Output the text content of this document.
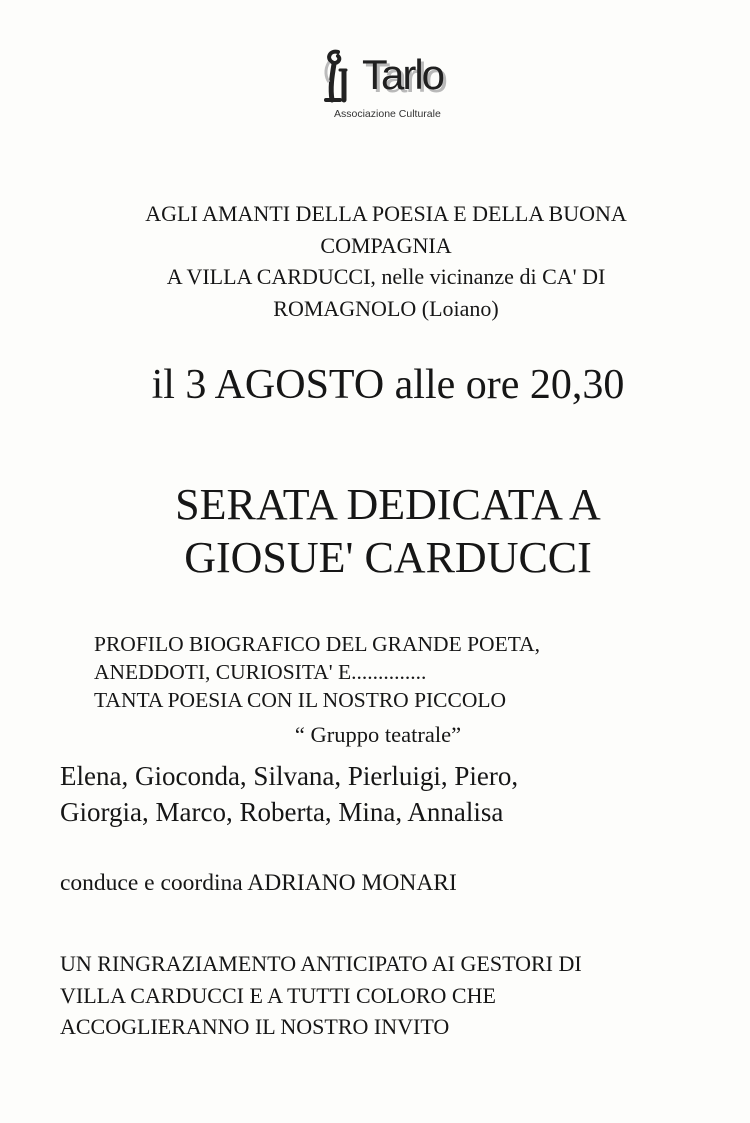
Tarlo
Associazione Culturale
AGLI AMANTI DELLA POESIA E DELLA BUONA
COMPAGNIA
A VILLA CARDUCCI, nelle vicinanze di CA' DI
ROMAGNOLO (Loiano)
il 3 AGOSTO alle ore 20,30
SERATA DEDICATA A
GIOSUE' CARDUCCI
PROFILO BIOGRAFICO DEL GRANDE POETA,
ANEDDOTI, CURIOSITA' E..............
TANTA POESIA CON IL NOSTRO PICCOLO
“ Gruppo teatrale”
Elena, Gioconda, Silvana, Pierluigi, Piero,
Giorgia, Marco, Roberta, Mina, Annalisa
conduce e coordina ADRIANO MONARI
UN RINGRAZIAMENTO ANTICIPATO AI GESTORI DI
VILLA CARDUCCI E A TUTTI COLORO CHE
ACCOGLIERANNO IL NOSTRO INVITO
